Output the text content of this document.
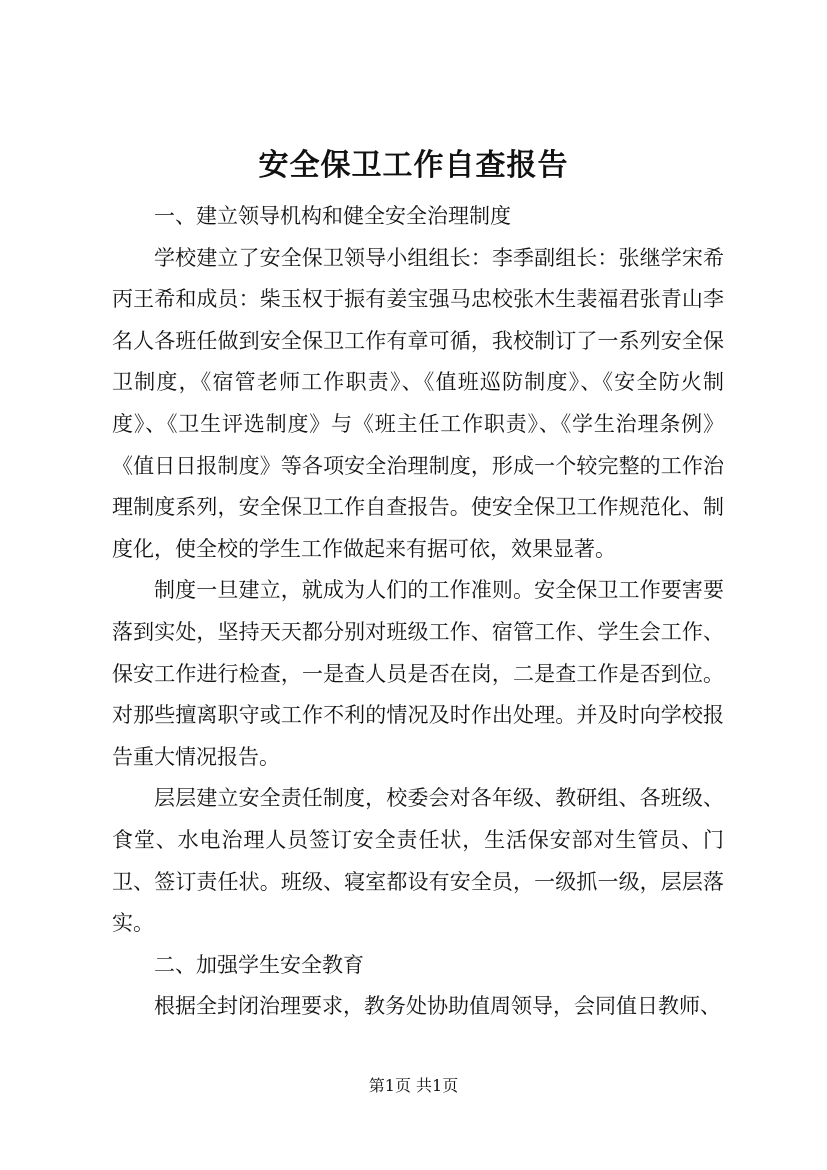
安全保卫工作自查报告

一、建立领导机构和健全安全治理制度

学校建立了安全保卫领导小组组长：李季副组长：张继学宋希丙王希和成员：柴玉权于振有姜宝强马忠校张木生裴福君张青山李名人各班任做到安全保卫工作有章可循，我校制订了一系列安全保卫制度，《宿管老师工作职责》、《值班巡防制度》、《安全防火制度》、《卫生评选制度》与《班主任工作职责》、《学生治理条例》《值日日报制度》等各项安全治理制度，形成一个较完整的工作治理制度系列，安全保卫工作自查报告。使安全保卫工作规范化、制度化，使全校的学生工作做起来有据可依，效果显著。

制度一旦建立，就成为人们的工作准则。安全保卫工作要害要落到实处，坚持天天都分别对班级工作、宿管工作、学生会工作、保安工作进行检查，一是查人员是否在岗，二是查工作是否到位。对那些擅离职守或工作不利的情况及时作出处理。并及时向学校报告重大情况报告。

层层建立安全责任制度，校委会对各年级、教研组、各班级、食堂、水电治理人员签订安全责任状，生活保安部对生管员、门卫、签订责任状。班级、寝室都设有安全员，一级抓一级，层层落实。

二、加强学生安全教育

根据全封闭治理要求，教务处协助值周领导，会同值日教师、

第1页 共1页
